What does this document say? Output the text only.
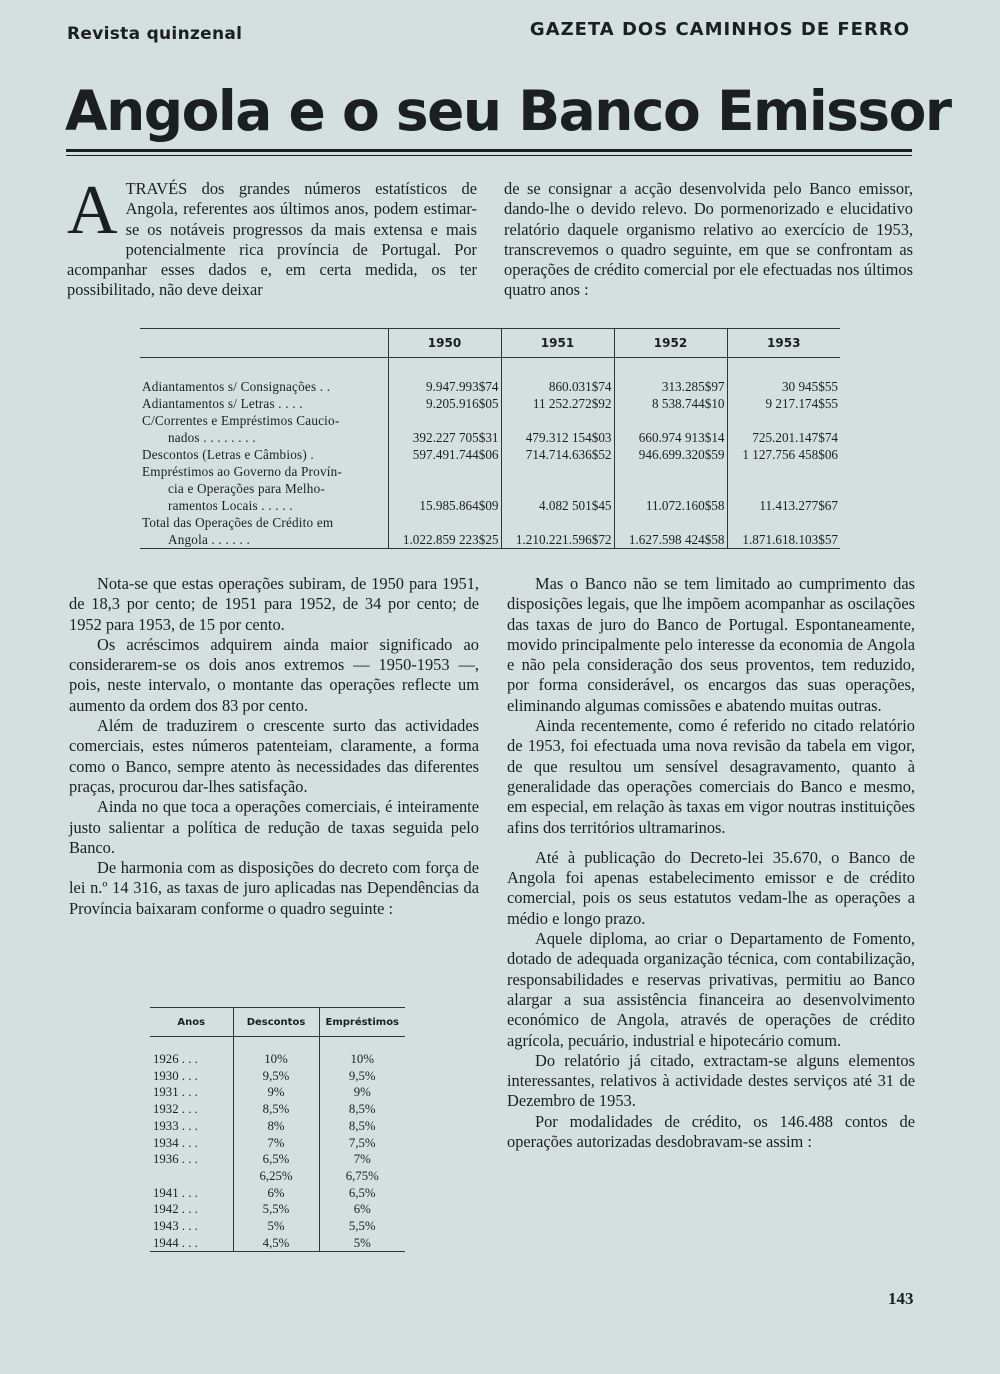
Revista quinzenal	GAZETA DOS CAMINHOS DE FERRO
Angola e o seu Banco Emissor

ATRAVÉS dos grandes números estatísticos de Angola, referentes aos últimos anos, podem estimar-se os notáveis progressos da mais extensa e mais potencialmente rica província de Portugal. Por acompanhar esses dados e, em certa medida, os ter possibilitado, não deve deixar

de se consignar a acção desenvolvida pelo Banco emissor, dando-lhe o devido relevo. Do pormenorizado e elucidativo relatório daquele organismo relativo ao exercício de 1953, transcrevemos o quadro seguinte, em que se confrontam as operações de crédito comercial por ele efectuadas nos últimos quatro anos :

	1950	1951	1952	1953
Adiantamentos s/ Consignações . .	9.947.993$74	860.031$74	313.285$97	30 945$55
Adiantamentos s/ Letras . . . .	9.205.916$05	11 252.272$92	8 538.744$10	9 217.174$55
C/Correntes e Empréstimos Caucio-				
nados . . . . . . . .	392.227 705$31	479.312 154$03	660.974 913$14	725.201.147$74
Descontos (Letras e Câmbios) .	597.491.744$06	714.714.636$52	946.699.320$59	1 127.756 458$06
Empréstimos ao Governo da Provín-				
cia e Operações para Melho-				
ramentos Locais . . . . .	15.985.864$09	4.082 501$45	11.072.160$58	11.413.277$67
Total das Operações de Crédito em				
Angola . . . . . .	1.022.859 223$25	1.210.221.596$72	1.627.598 424$58	1.871.618.103$57

Nota-se que estas operações subiram, de 1950 para 1951, de 18,3 por cento; de 1951 para 1952, de 34 por cento; de 1952 para 1953, de 15 por cento.

Os acréscimos adquirem ainda maior significado ao considerarem-se os dois anos extremos — 1950-1953 —, pois, neste intervalo, o montante das operações reflecte um aumento da ordem dos 83 por cento.

Além de traduzirem o crescente surto das actividades comerciais, estes números patenteiam, claramente, a forma como o Banco, sempre atento às necessidades das diferentes praças, procurou dar-lhes satisfação.

Ainda no que toca a operações comerciais, é inteiramente justo salientar a política de redução de taxas seguida pelo Banco.

De harmonia com as disposições do decreto com força de lei n.º 14 316, as taxas de juro aplicadas nas Dependências da Província baixaram conforme o quadro seguinte :

Anos	Descontos	Empréstimos
1926 . . .	10%	10%
1930 . . .	9,5%	9,5%
1931 . . .	9%	9%
1932 . . .	8,5%	8,5%
1933 . . .	8%	8,5%
1934 . . .	7%	7,5%
1936 . . .	6,5%	7%
	6,25%	6,75%
1941 . . .	6%	6,5%
1942 . . .	5,5%	6%
1943 . . .	5%	5,5%
1944 . . .	4,5%	5%

Mas o Banco não se tem limitado ao cumprimento das disposições legais, que lhe impõem acompanhar as oscilações das taxas de juro do Banco de Portugal. Espontaneamente, movido principalmente pelo interesse da economia de Angola e não pela consideração dos seus proventos, tem reduzido, por forma considerável, os encargos das suas operações, eliminando algumas comissões e abatendo muitas outras.

Ainda recentemente, como é referido no citado relatório de 1953, foi efectuada uma nova revisão da tabela em vigor, de que resultou um sensível desagravamento, quanto à generalidade das operações comerciais do Banco e mesmo, em especial, em relação às taxas em vigor noutras instituições afins dos territórios ultramarinos.

Até à publicação do Decreto-lei 35.670, o Banco de Angola foi apenas estabelecimento emissor e de crédito comercial, pois os seus estatutos vedam-lhe as operações a médio e longo prazo.

Aquele diploma, ao criar o Departamento de Fomento, dotado de adequada organização técnica, com contabilização, responsabilidades e reservas privativas, permitiu ao Banco alargar a sua assistência financeira ao desenvolvimento económico de Angola, através de operações de crédito agrícola, pecuário, industrial e hipotecário comum.

Do relatório já citado, extractam-se alguns elementos interessantes, relativos à actividade destes serviços até 31 de Dezembro de 1953.

Por modalidades de crédito, os 146.488 contos de operações autorizadas desdobravam-se assim :

143
